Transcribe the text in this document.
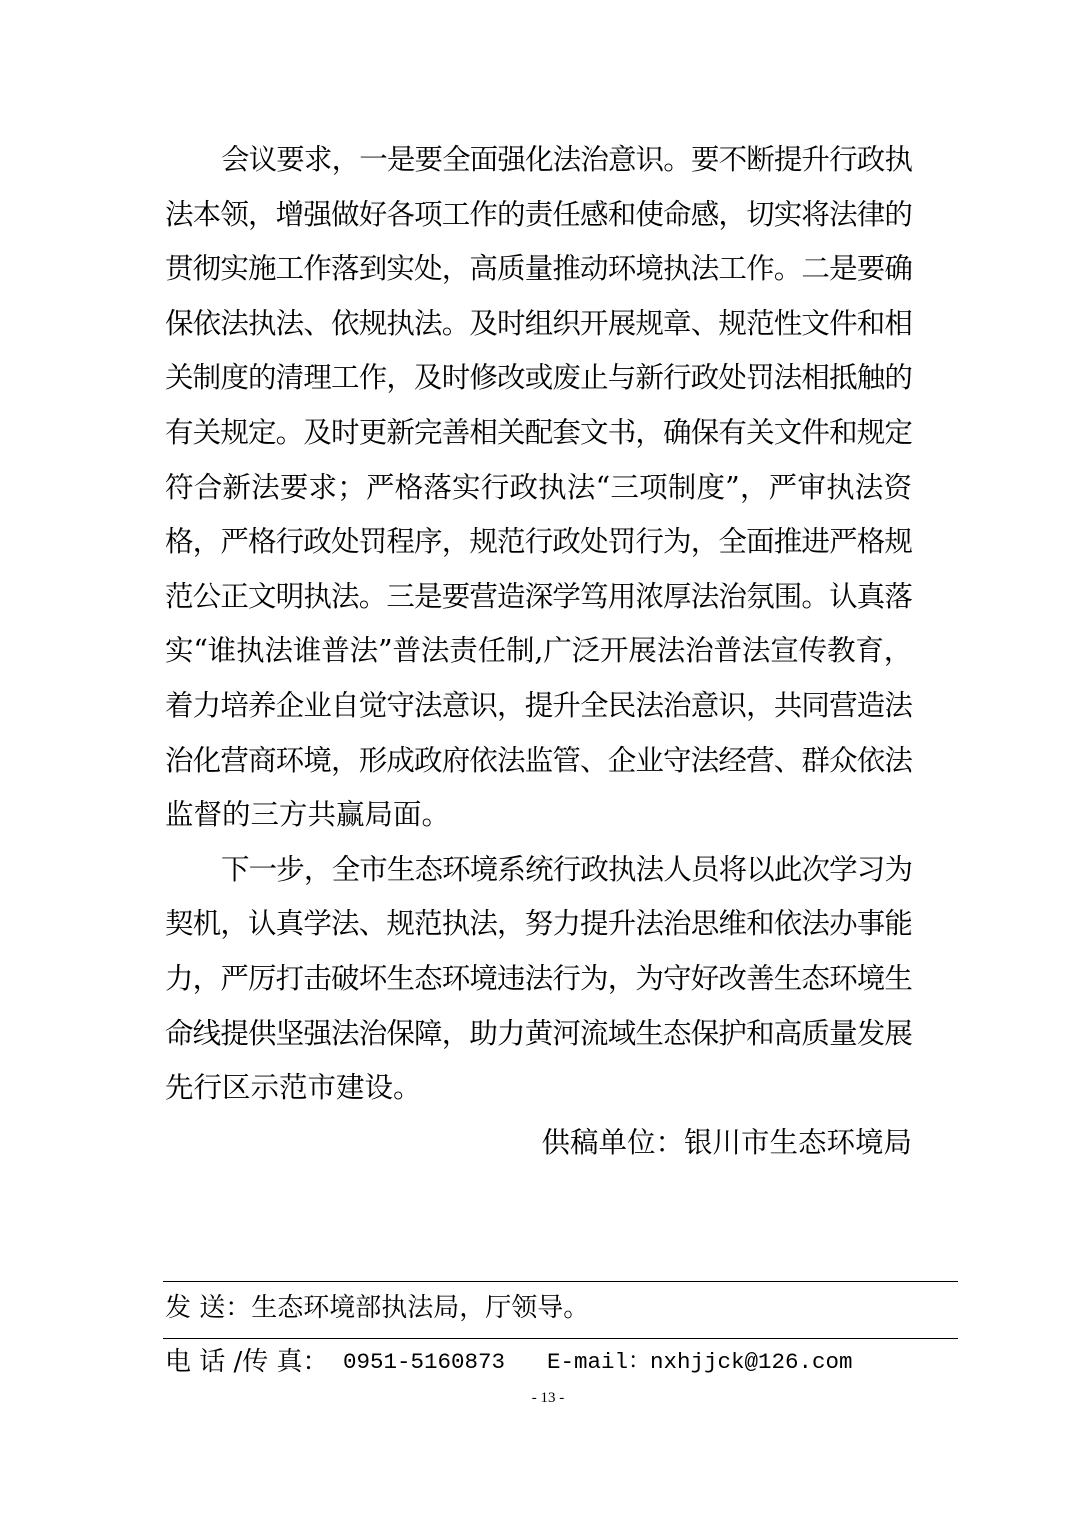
会议要求，一是要全面强化法治意识。要不断提升行政执
法本领，增强做好各项工作的责任感和使命感，切实将法律的
贯彻实施工作落到实处，高质量推动环境执法工作。二是要确
保依法执法、依规执法。及时组织开展规章、规范性文件和相
关制度的清理工作，及时修改或废止与新行政处罚法相抵触的
有关规定。及时更新完善相关配套文书，确保有关文件和规定
符合新法要求；严格落实行政执法“三项制度”，严审执法资
格，严格行政处罚程序，规范行政处罚行为，全面推进严格规
范公正文明执法。三是要营造深学笃用浓厚法治氛围。认真落
实“谁执法谁普法”普法责任制,广泛开展法治普法宣传教育，
着力培养企业自觉守法意识，提升全民法治意识，共同营造法
治化营商环境，形成政府依法监管、企业守法经营、群众依法
监督的三方共赢局面。
下一步，全市生态环境系统行政执法人员将以此次学习为
契机，认真学法、规范执法，努力提升法治思维和依法办事能
力，严厉打击破坏生态环境违法行为，为守好改善生态环境生
命线提供坚强法治保障，助力黄河流域生态保护和高质量发展
先行区示范市建设。
供稿单位：银川市生态环境局
发 送：生态环境部执法局，厅领导。
电 话 /传 真： 0951-5160873 E-mail： nxhjjck@126.com
- 13 -
